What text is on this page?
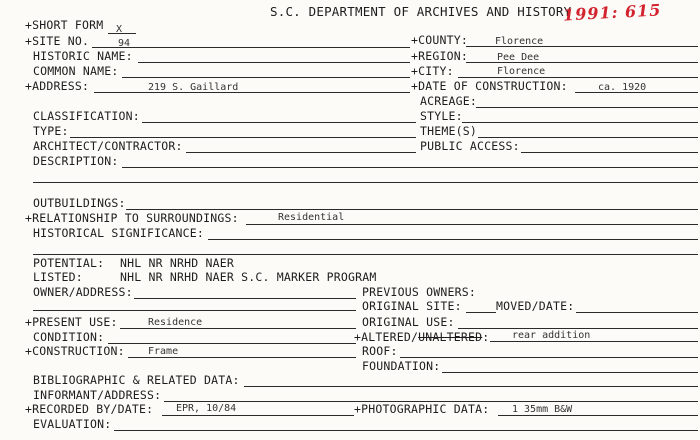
S.C. DEPARTMENT OF ARCHIVES AND HISTORY
1991: 615
+SHORT FORM X
+SITE NO.	94	+COUNTY:	Florence
HISTORIC NAME:	+REGION:	Pee Dee
COMMON NAME:	+CITY:	Florence
+ADDRESS:	219 S. Gaillard	+DATE OF CONSTRUCTION:	ca. 1920
ACREAGE:
CLASSIFICATION:	STYLE:
TYPE:	THEME(S)
ARCHITECT/CONTRACTOR:	PUBLIC ACCESS:
DESCRIPTION:
OUTBUILDINGS:
+RELATIONSHIP TO SURROUNDINGS:	Residential
HISTORICAL SIGNIFICANCE:
POTENTIAL: NHL NR NRHD NAER
LISTED:	NHL NR NRHD NAER S.C. MARKER PROGRAM
OWNER/ADDRESS:	PREVIOUS OWNERS:
ORIGINAL SITE:	MOVED/DATE:
+PRESENT USE:	Residence	ORIGINAL USE:
CONDITION:	+ALTERED/UNALTERED: rear addition
+CONSTRUCTION: Frame	ROOF:
FOUNDATION:
BIBLIOGRAPHIC & RELATED DATA:
INFORMANT/ADDRESS:
+RECORDED BY/DATE: EPR, 10/84	+PHOTOGRAPHIC DATA: 1 35mm B&W
EVALUATION:
